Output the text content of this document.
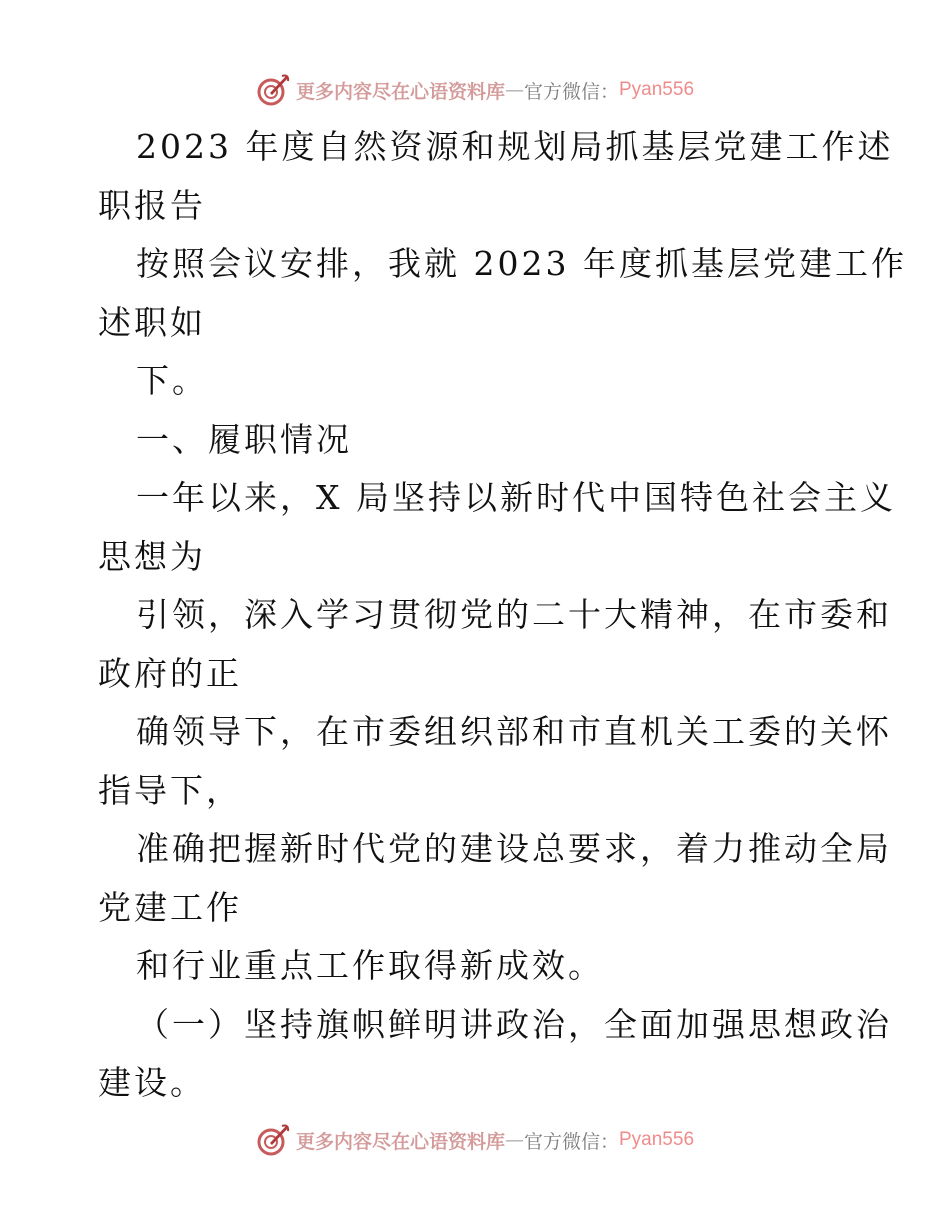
更多内容尽在心语资料库 — 官方微信： Pyan556
2023 年度自然资源和规划局抓基层党建工作述
职报告
按照会议安排，我就 2023 年度抓基层党建工作
述职如
下。
一、履职情况
一年以来，X 局坚持以新时代中国特色社会主义
思想为
引领，深入学习贯彻党的二十大精神，在市委和
政府的正
确领导下，在市委组织部和市直机关工委的关怀
指导下，
准确把握新时代党的建设总要求，着力推动全局
党建工作
和行业重点工作取得新成效。
（一）坚持旗帜鲜明讲政治，全面加强思想政治
建设。
更多内容尽在心语资料库 — 官方微信： Pyan556
